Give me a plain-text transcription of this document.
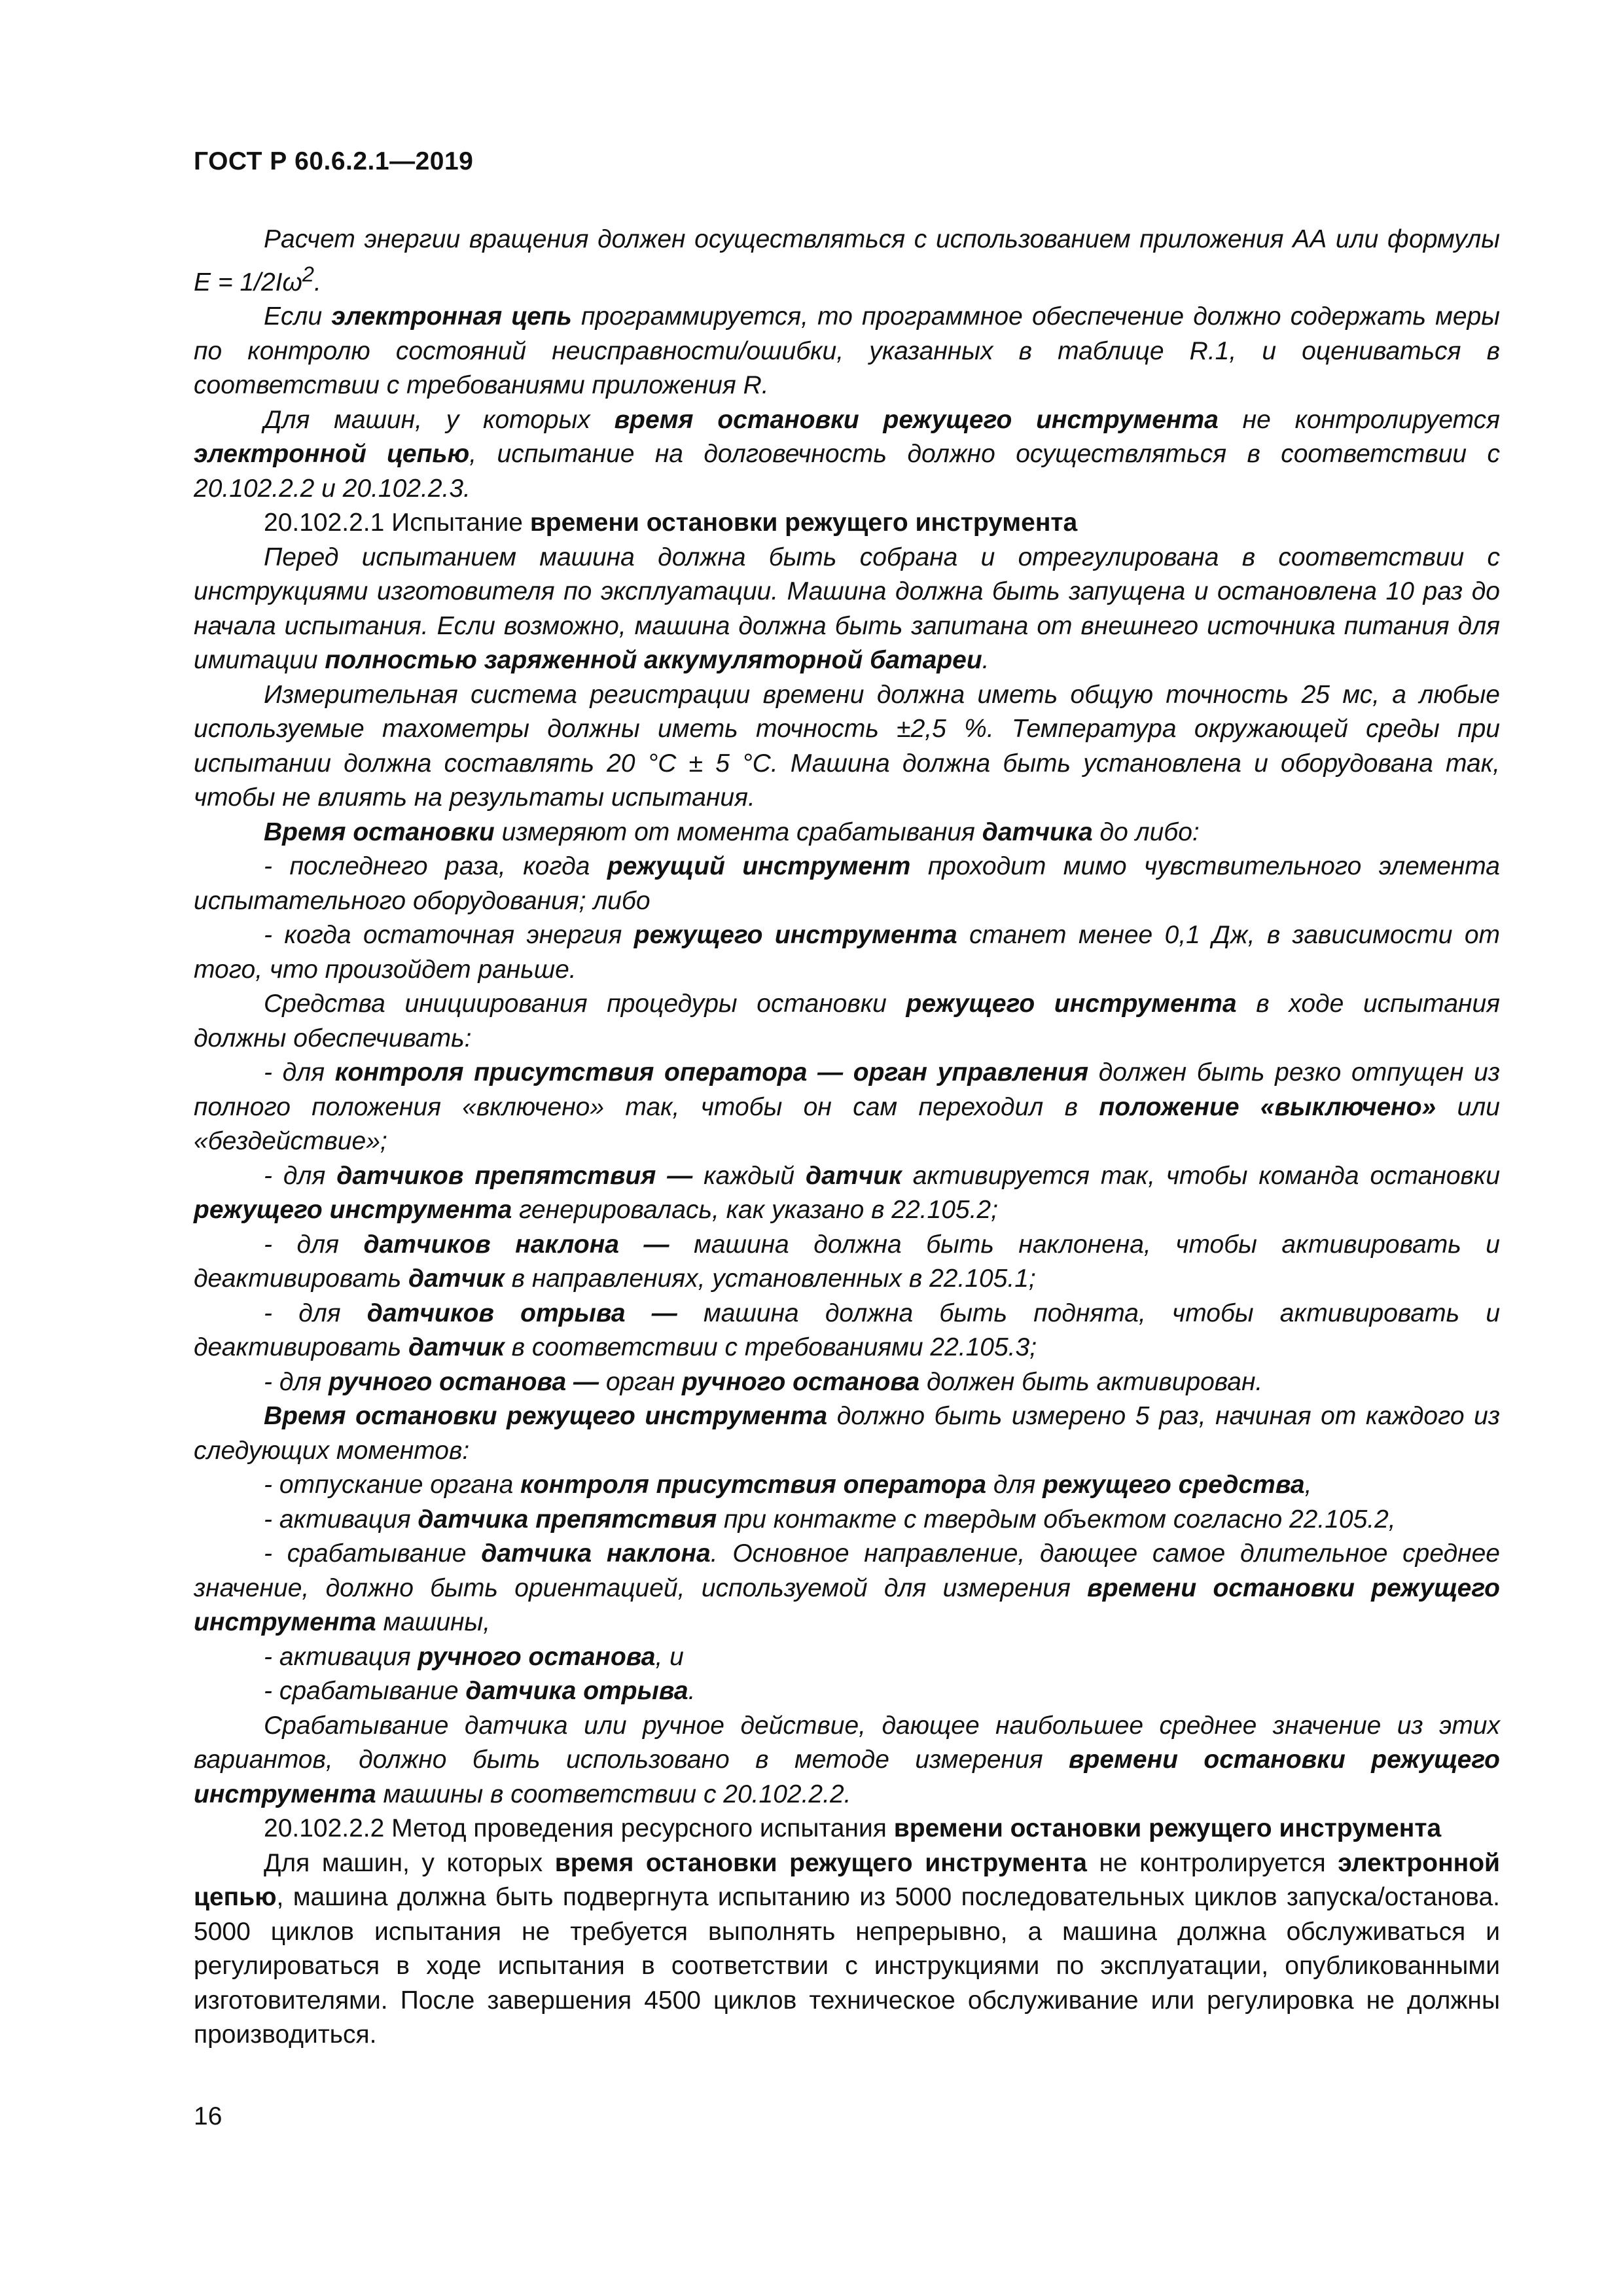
ГОСТ Р 60.6.2.1—2019

Расчет энергии вращения должен осуществляться с использованием приложения АА или формулы $E = 1/2I\omega^2$.

Если электронная цепь программируется, то программное обеспечение должно содержать меры по контролю состояний неисправности/ошибки, указанных в таблице R.1, и оцениваться в соответствии с требованиями приложения R.

Для машин, у которых время остановки режущего инструмента не контролируется электронной цепью, испытание на долговечность должно осуществляться в соответствии с 20.102.2.2 и 20.102.2.3.

20.102.2.1 Испытание времени остановки режущего инструмента

Перед испытанием машина должна быть собрана и отрегулирована в соответствии с инструкциями изготовителя по эксплуатации. Машина должна быть запущена и остановлена 10 раз до начала испытания. Если возможно, машина должна быть запитана от внешнего источника питания для имитации полностью заряженной аккумуляторной батареи.

Измерительная система регистрации времени должна иметь общую точность 25 мс, а любые используемые тахометры должны иметь точность ±2,5 %. Температура окружающей среды при испытании должна составлять 20 °C ± 5 °C. Машина должна быть установлена и оборудована так, чтобы не влиять на результаты испытания.

Время остановки измеряют от момента срабатывания датчика до либо:

- последнего раза, когда режущий инструмент проходит мимо чувствительного элемента испытательного оборудования; либо

- когда остаточная энергия режущего инструмента станет менее 0,1 Дж, в зависимости от того, что произойдет раньше.

Средства инициирования процедуры остановки режущего инструмента в ходе испытания должны обеспечивать:

- для контроля присутствия оператора — орган управления должен быть резко отпущен из полного положения «включено» так, чтобы он сам переходил в положение «выключено» или «бездействие»;

- для датчиков препятствия — каждый датчик активируется так, чтобы команда остановки режущего инструмента генерировалась, как указано в 22.105.2;

- для датчиков наклона — машина должна быть наклонена, чтобы активировать и деактивировать датчик в направлениях, установленных в 22.105.1;

- для датчиков отрыва — машина должна быть поднята, чтобы активировать и деактивировать датчик в соответствии с требованиями 22.105.3;

- для ручного останова — орган ручного останова должен быть активирован.

Время остановки режущего инструмента должно быть измерено 5 раз, начиная от каждого из следующих моментов:

- отпускание органа контроля присутствия оператора для режущего средства,

- активация датчика препятствия при контакте с твердым объектом согласно 22.105.2,

- срабатывание датчика наклона. Основное направление, дающее самое длительное среднее значение, должно быть ориентацией, используемой для измерения времени остановки режущего инструмента машины,

- активация ручного останова, и

- срабатывание датчика отрыва.

Срабатывание датчика или ручное действие, дающее наибольшее среднее значение из этих вариантов, должно быть использовано в методе измерения времени остановки режущего инструмента машины в соответствии с 20.102.2.2.

20.102.2.2 Метод проведения ресурсного испытания времени остановки режущего инструмента

Для машин, у которых время остановки режущего инструмента не контролируется электронной цепью, машина должна быть подвергнута испытанию из 5000 последовательных циклов запуска/останова. 5000 циклов испытания не требуется выполнять непрерывно, а машина должна обслуживаться и регулироваться в ходе испытания в соответствии с инструкциями по эксплуатации, опубликованными изготовителями. После завершения 4500 циклов техническое обслуживание или регулировка не должны производиться.

16
